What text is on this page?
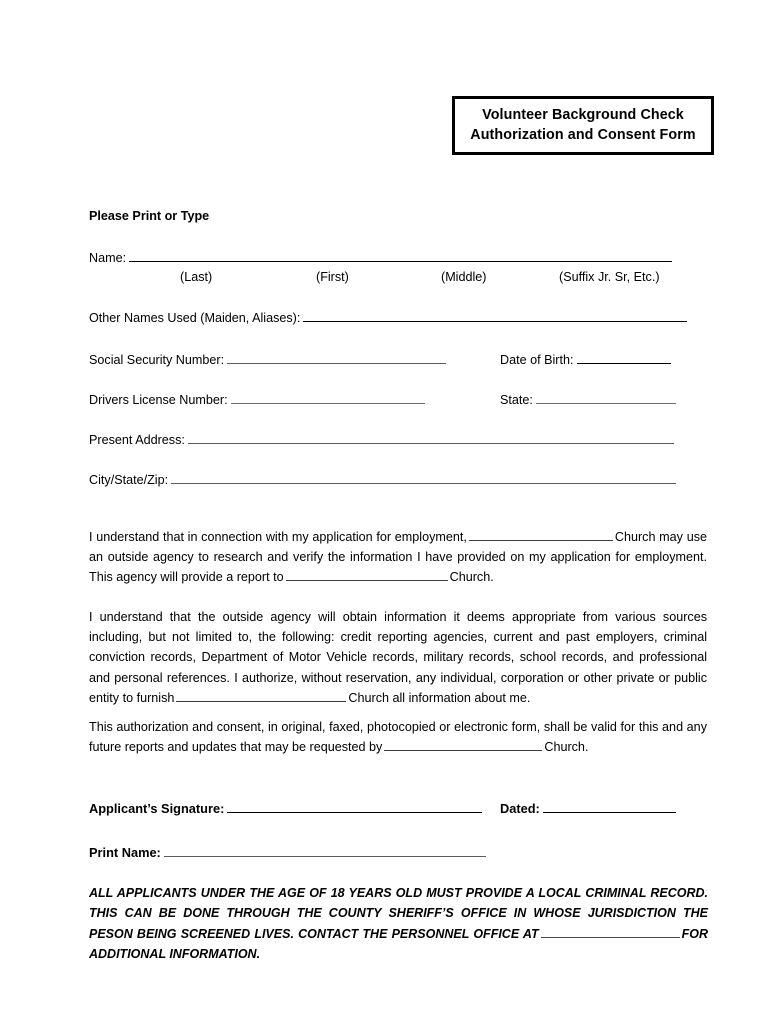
Volunteer Background Check
Authorization and Consent Form
Please Print or Type
Name:
(Last)	(First)	(Middle)	(Suffix Jr. Sr, Etc.)
Other Names Used (Maiden, Aliases):
Social Security Number:	Date of Birth:
Drivers License Number:	State:
Present Address:
City/State/Zip:
I understand that in connection with my application for employment,	Church may use an outside agency to research and verify the information I have provided on my application for employment. This agency will provide a report to	Church.
I understand that the outside agency will obtain information it deems appropriate from various sources including, but not limited to, the following: credit reporting agencies, current and past employers, criminal conviction records, Department of Motor Vehicle records, military records, school records, and professional and personal references. I authorize, without reservation, any individual, corporation or other private or public entity to furnish	Church all information about me.
This authorization and consent, in original, faxed, photocopied or electronic form, shall be valid for this and any future reports and updates that may be requested by	Church.
Applicant’s Signature:	Dated:
Print Name:
ALL APPLICANTS UNDER THE AGE OF 18 YEARS OLD MUST PROVIDE A LOCAL CRIMINAL RECORD. THIS CAN BE DONE THROUGH THE COUNTY SHERIFF’S OFFICE IN WHOSE JURISDICTION THE PESON BEING SCREENED LIVES. CONTACT THE PERSONNEL OFFICE AT	FOR ADDITIONAL INFORMATION.
